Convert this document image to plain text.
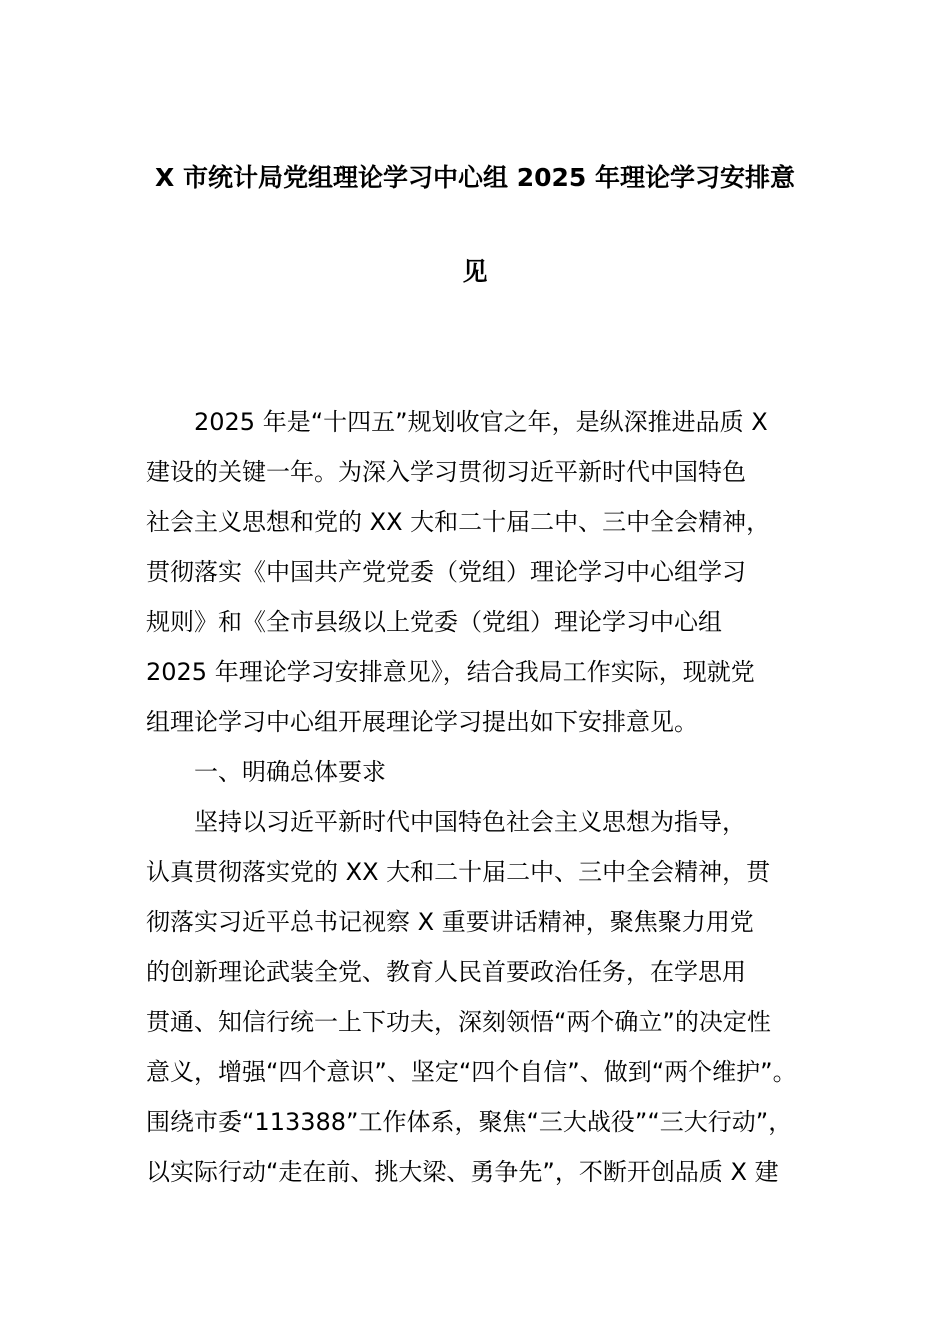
X 市统计局党组理论学习中心组 2025 年理论学习安排意
见
2025 年是“十四五”规划收官之年，是纵深推进品质 X
建设的关键一年。为深入学习贯彻习近平新时代中国特色
社会主义思想和党的 XX 大和二十届二中、三中全会精神，
贯彻落实《中国共产党党委（党组）理论学习中心组学习
规则》和《全市县级以上党委（党组）理论学习中心组
2025 年理论学习安排意见》，结合我局工作实际，现就党
组理论学习中心组开展理论学习提出如下安排意见。
一、明确总体要求
坚持以习近平新时代中国特色社会主义思想为指导，
认真贯彻落实党的 XX 大和二十届二中、三中全会精神，贯
彻落实习近平总书记视察 X 重要讲话精神，聚焦聚力用党
的创新理论武装全党、教育人民首要政治任务，在学思用
贯通、知信行统一上下功夫，深刻领悟“两个确立”的决定性
意义，增强“四个意识”、坚定“四个自信”、做到“两个维护”。
围绕市委“113388”工作体系，聚焦“三大战役”“三大行动”，
以实际行动“走在前、挑大梁、勇争先”，不断开创品质 X 建
